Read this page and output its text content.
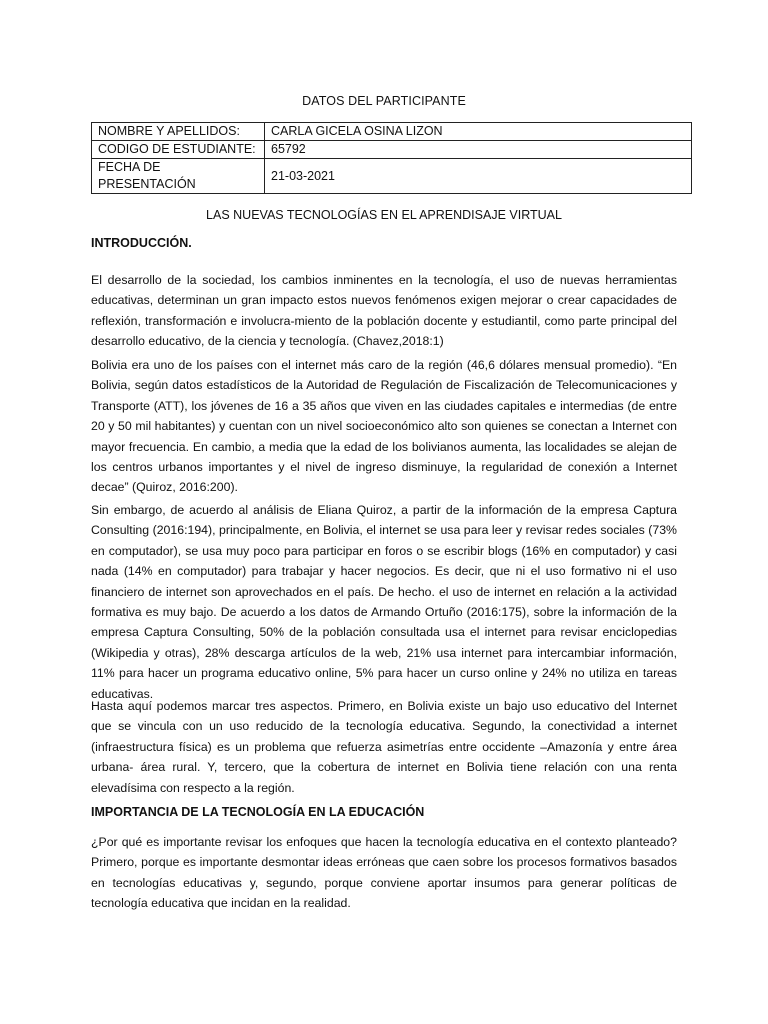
DATOS DEL PARTICIPANTE
NOMBRE Y APELLIDOS:	CARLA GICELA OSINA LIZON
CODIGO DE ESTUDIANTE:	65792
FECHA DE PRESENTACIÓN	21-03-2021
LAS NUEVAS TECNOLOGÍAS EN EL APRENDISAJE VIRTUAL
INTRODUCCIÓN.
El desarrollo de la sociedad, los cambios inminentes en la tecnología, el uso de nuevas herramientas educativas, determinan un gran impacto estos nuevos fenómenos exigen mejorar o crear capacidades de reflexión, transformación e involucra-miento de la población docente y estudiantil, como parte principal del desarrollo educativo, de la ciencia y tecnología. (Chavez,2018:1)
Bolivia era uno de los países con el internet más caro de la región (46,6 dólares mensual promedio). “En Bolivia, según datos estadísticos de la Autoridad de Regulación de Fiscalización de Telecomunicaciones y Transporte (ATT), los jóvenes de 16 a 35 años que viven en las ciudades capitales e intermedias (de entre 20 y 50 mil habitantes) y cuentan con un nivel socioeconómico alto son quienes se conectan a Internet con mayor frecuencia. En cambio, a media que la edad de los bolivianos aumenta, las localidades se alejan de los centros urbanos importantes y el nivel de ingreso disminuye, la regularidad de conexión a Internet decae” (Quiroz, 2016:200).
Sin embargo, de acuerdo al análisis de Eliana Quiroz, a partir de la información de la empresa Captura Consulting (2016:194), principalmente, en Bolivia, el internet se usa para leer y revisar redes sociales (73% en computador), se usa muy poco para participar en foros o se escribir blogs (16% en computador) y casi nada (14% en computador) para trabajar y hacer negocios. Es decir, que ni el uso formativo ni el uso financiero de internet son aprovechados en el país. De hecho. el uso de internet en relación a la actividad formativa es muy bajo. De acuerdo a los datos de Armando Ortuño (2016:175), sobre la información de la empresa Captura Consulting, 50% de la población consultada usa el internet para revisar enciclopedias (Wikipedia y otras), 28% descarga artículos de la web, 21% usa internet para intercambiar información, 11% para hacer un programa educativo online, 5% para hacer un curso online y 24% no utiliza en tareas educativas.
Hasta aquí podemos marcar tres aspectos. Primero, en Bolivia existe un bajo uso educativo del Internet que se vincula con un uso reducido de la tecnología educativa. Segundo, la conectividad a internet (infraestructura física) es un problema que refuerza asimetrías entre occidente –Amazonía y entre área urbana- área rural. Y, tercero, que la cobertura de internet en Bolivia tiene relación con una renta elevadísima con respecto a la región.
IMPORTANCIA DE LA TECNOLOGÍA EN LA EDUCACIÓN
¿Por qué es importante revisar los enfoques que hacen la tecnología educativa en el contexto planteado? Primero, porque es importante desmontar ideas erróneas que caen sobre los procesos formativos basados en tecnologías educativas y, segundo, porque conviene aportar insumos para generar políticas de tecnología educativa que incidan en la realidad.
